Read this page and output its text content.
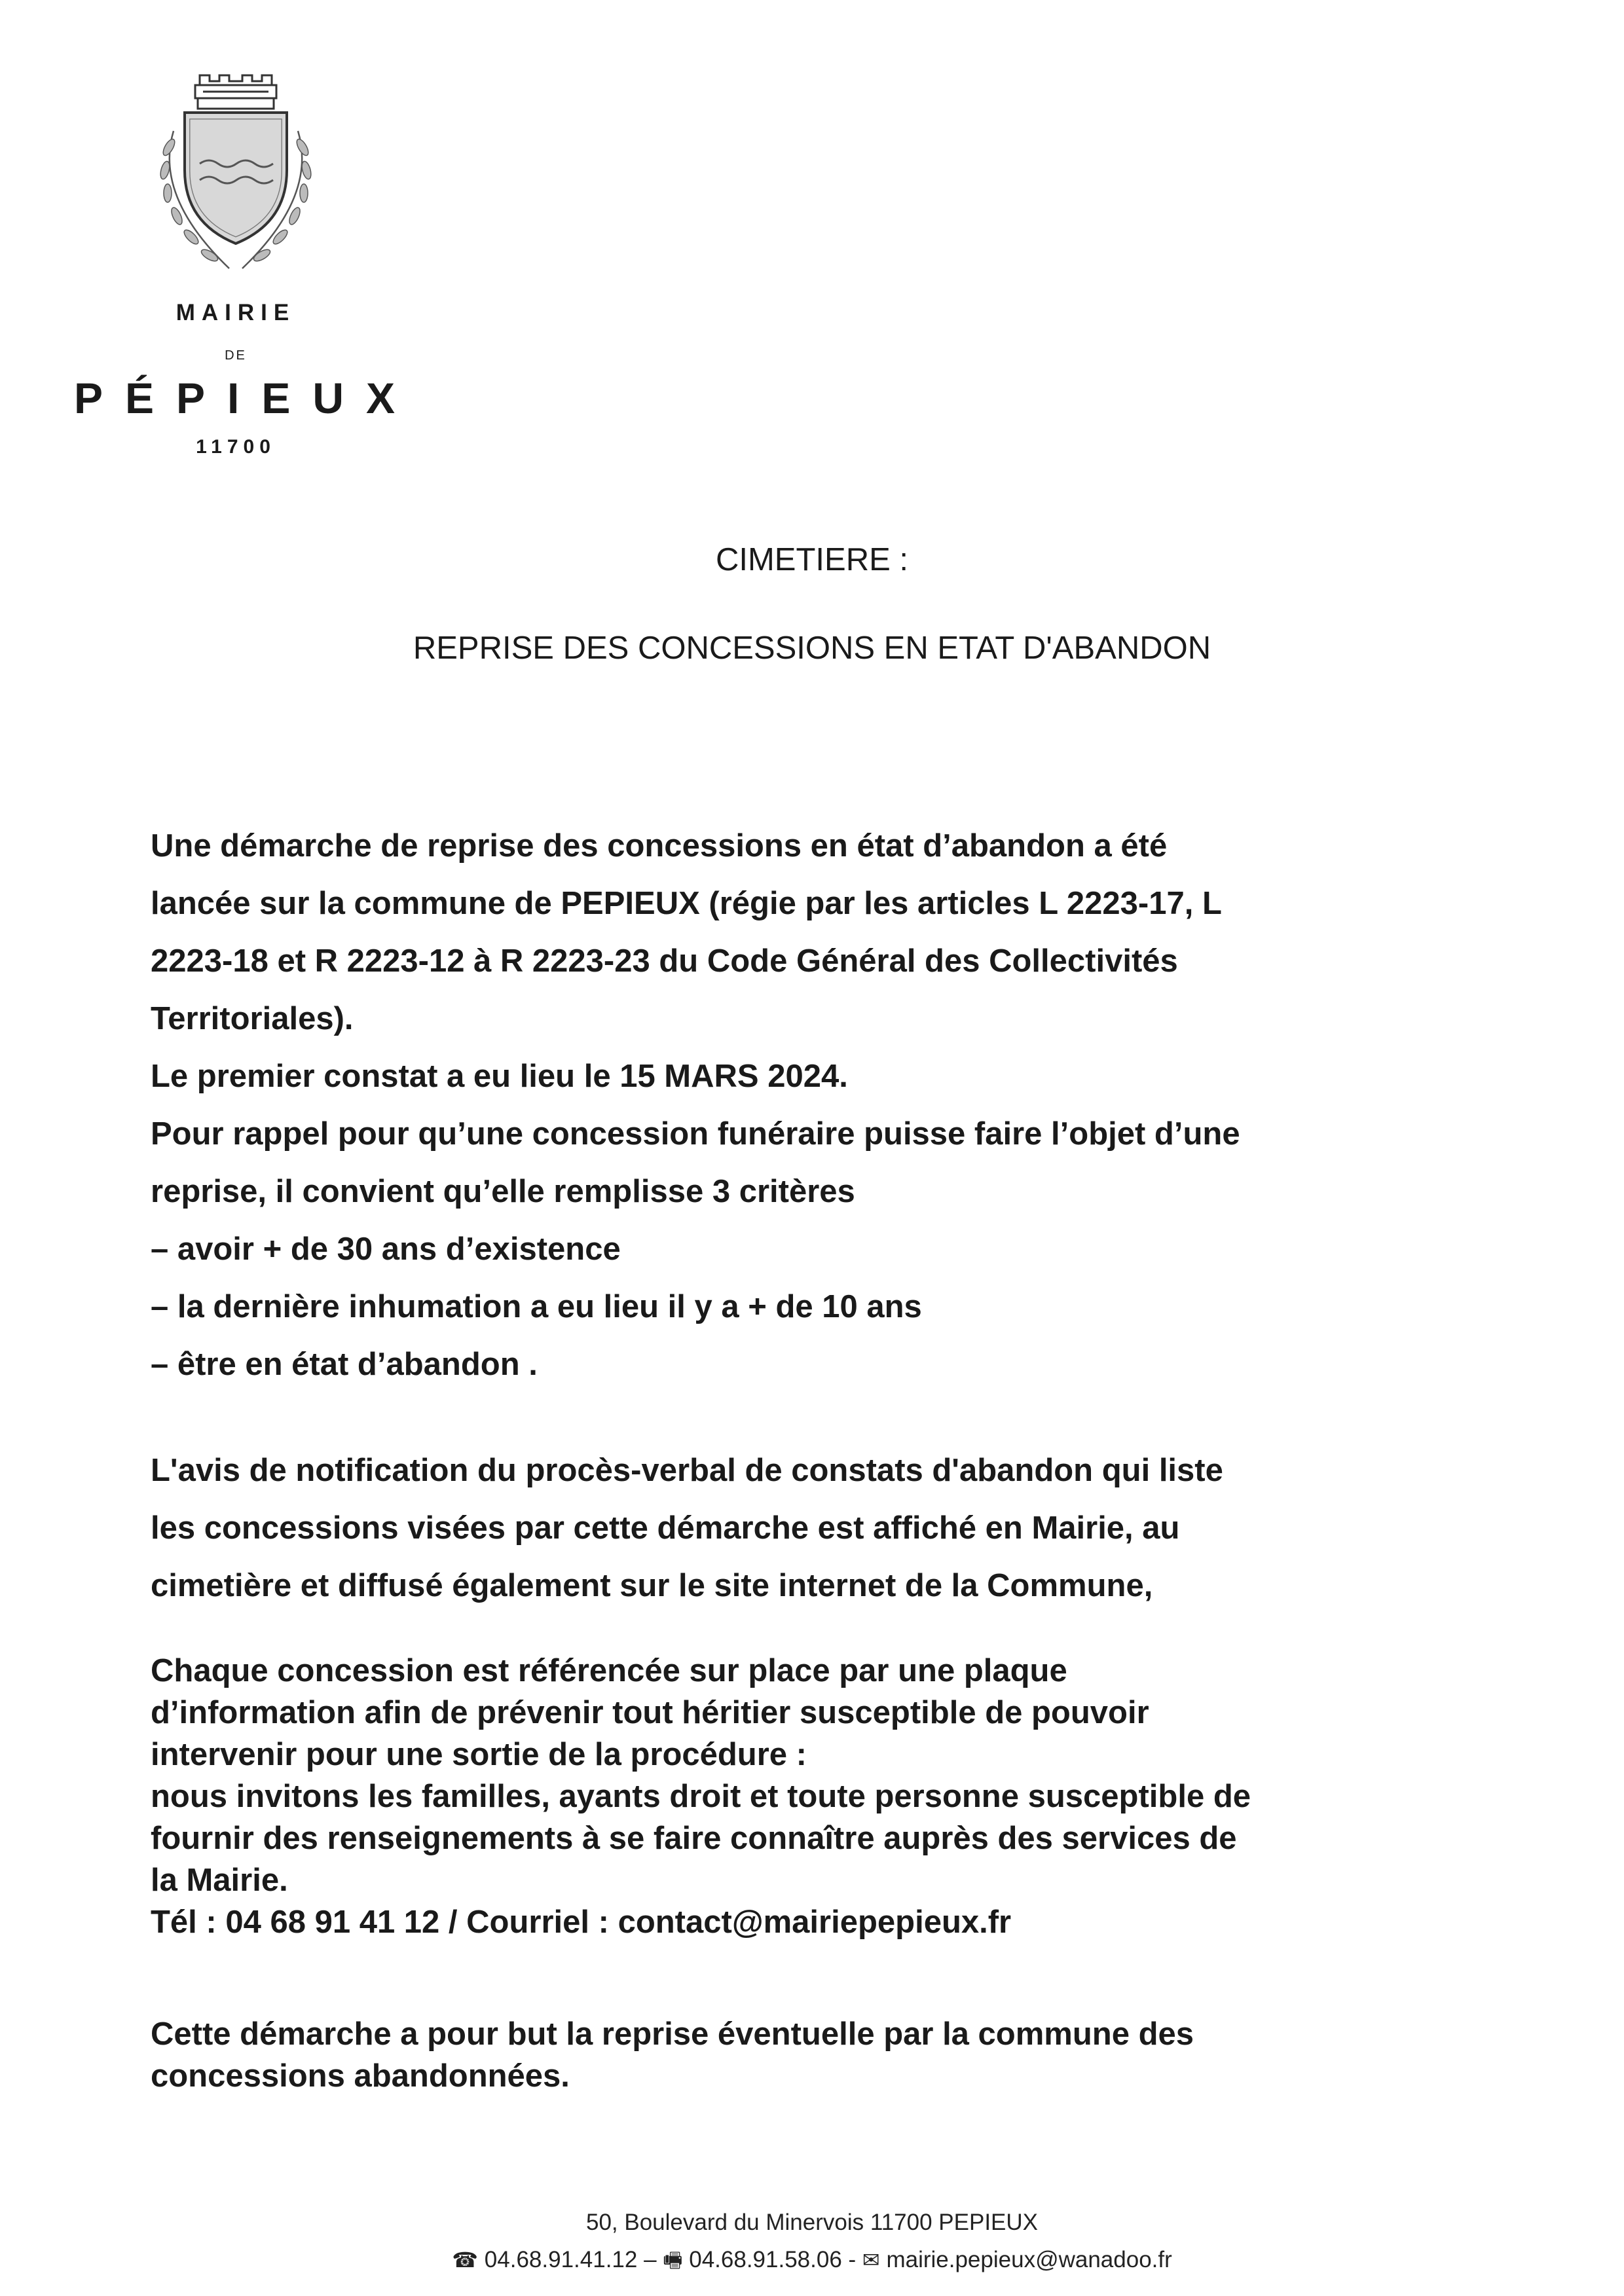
MAIRIE
DE
PÉPIEUX
11700
CIMETIERE :
REPRISE DES CONCESSIONS EN ETAT D'ABANDON
Une démarche de reprise des concessions en état d’abandon a été
lancée sur la commune de PEPIEUX (régie par les articles L 2223-17, L
2223-18 et R 2223-12 à R 2223-23 du Code Général des Collectivités
Territoriales).
Le premier constat a eu lieu le 15 MARS 2024.
Pour rappel pour qu’une concession funéraire puisse faire l’objet d’une
reprise, il convient qu’elle remplisse 3 critères
– avoir + de 30 ans d’existence
– la dernière inhumation a eu lieu il y a + de 10 ans
– être en état d’abandon .
L'avis de notification du procès-verbal de constats d'abandon qui liste
les concessions visées par cette démarche est affiché en Mairie, au
cimetière et diffusé également sur le site internet de la Commune,
Chaque concession est référencée sur place par une plaque
d’information afin de prévenir tout héritier susceptible de pouvoir
intervenir pour une sortie de la procédure :
nous invitons les familles, ayants droit et toute personne susceptible de
fournir des renseignements à se faire connaître auprès des services de
la Mairie.
Tél : 04 68 91 41 12 / Courriel : contact@mairiepepieux.fr
Cette démarche a pour but la reprise éventuelle par la commune des
concessions abandonnées.
50, Boulevard du Minervois 11700 PEPIEUX
☎ 04.68.91.41.12 – 🖷 04.68.91.58.06 - ✉ mairie.pepieux@wanadoo.fr
